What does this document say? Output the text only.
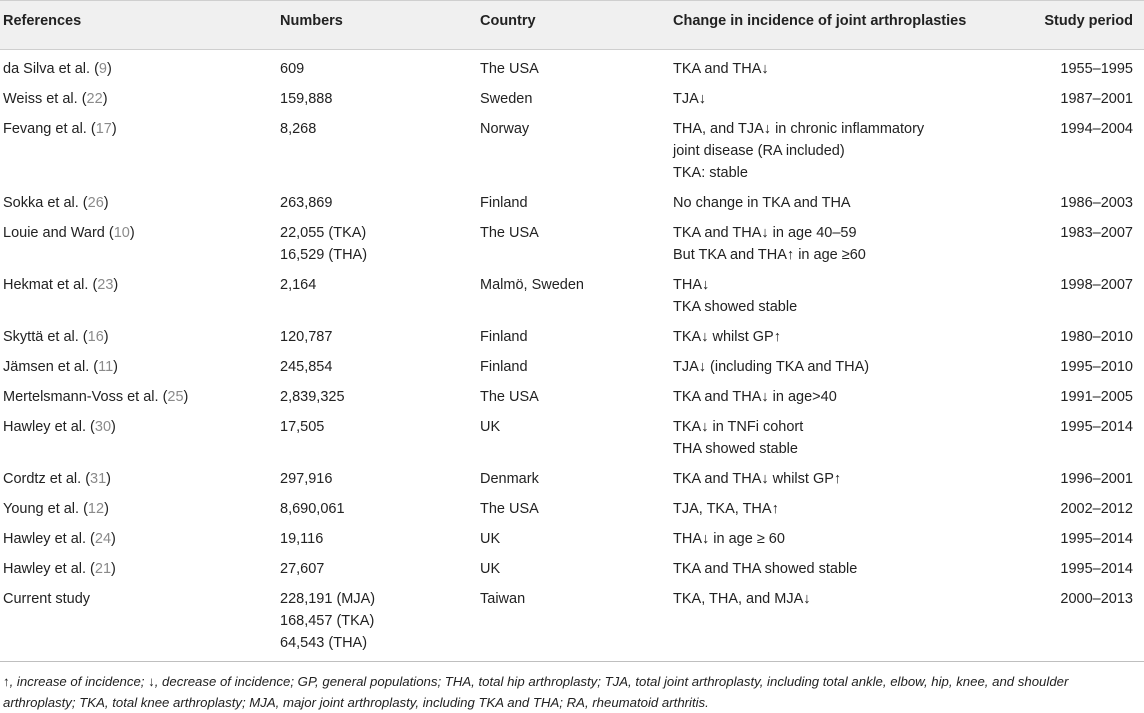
References	Numbers	Country	Change in incidence of joint arthroplasties	Study period
da Silva et al. (9)	609	The USA	TKA and THA↓	1955–1995
Weiss et al. (22)	159,888	Sweden	TJA↓	1987–2001
Fevang et al. (17)	8,268	Norway	THA, and TJA↓ in chronic inflammatory
joint disease (RA included)
TKA: stable	1994–2004
Sokka et al. (26)	263,869	Finland	No change in TKA and THA	1986–2003
Louie and Ward (10)	22,055 (TKA)
16,529 (THA)	The USA	TKA and THA↓ in age 40–59
But TKA and THA↑ in age ≥60	1983–2007
Hekmat et al. (23)	2,164	Malmö, Sweden	THA↓
TKA showed stable	1998–2007
Skyttä et al. (16)	120,787	Finland	TKA↓ whilst GP↑	1980–2010
Jämsen et al. (11)	245,854	Finland	TJA↓ (including TKA and THA)	1995–2010
Mertelsmann-Voss et al. (25)	2,839,325	The USA	TKA and THA↓ in age>40	1991–2005
Hawley et al. (30)	17,505	UK	TKA↓ in TNFi cohort
THA showed stable	1995–2014
Cordtz et al. (31)	297,916	Denmark	TKA and THA↓ whilst GP↑	1996–2001
Young et al. (12)	8,690,061	The USA	TJA, TKA, THA↑	2002–2012
Hawley et al. (24)	19,116	UK	THA↓ in age ≥ 60	1995–2014
Hawley et al. (21)	27,607	UK	TKA and THA showed stable	1995–2014
Current study	228,191 (MJA)
168,457 (TKA)
64,543 (THA)	Taiwan	TKA, THA, and MJA↓	2000–2013
↑, increase of incidence; ↓, decrease of incidence; GP, general populations; THA, total hip arthroplasty; TJA, total joint arthroplasty, including total ankle, elbow, hip, knee, and shoulder arthroplasty; TKA, total knee arthroplasty; MJA, major joint arthroplasty, including TKA and THA; RA, rheumatoid arthritis.
